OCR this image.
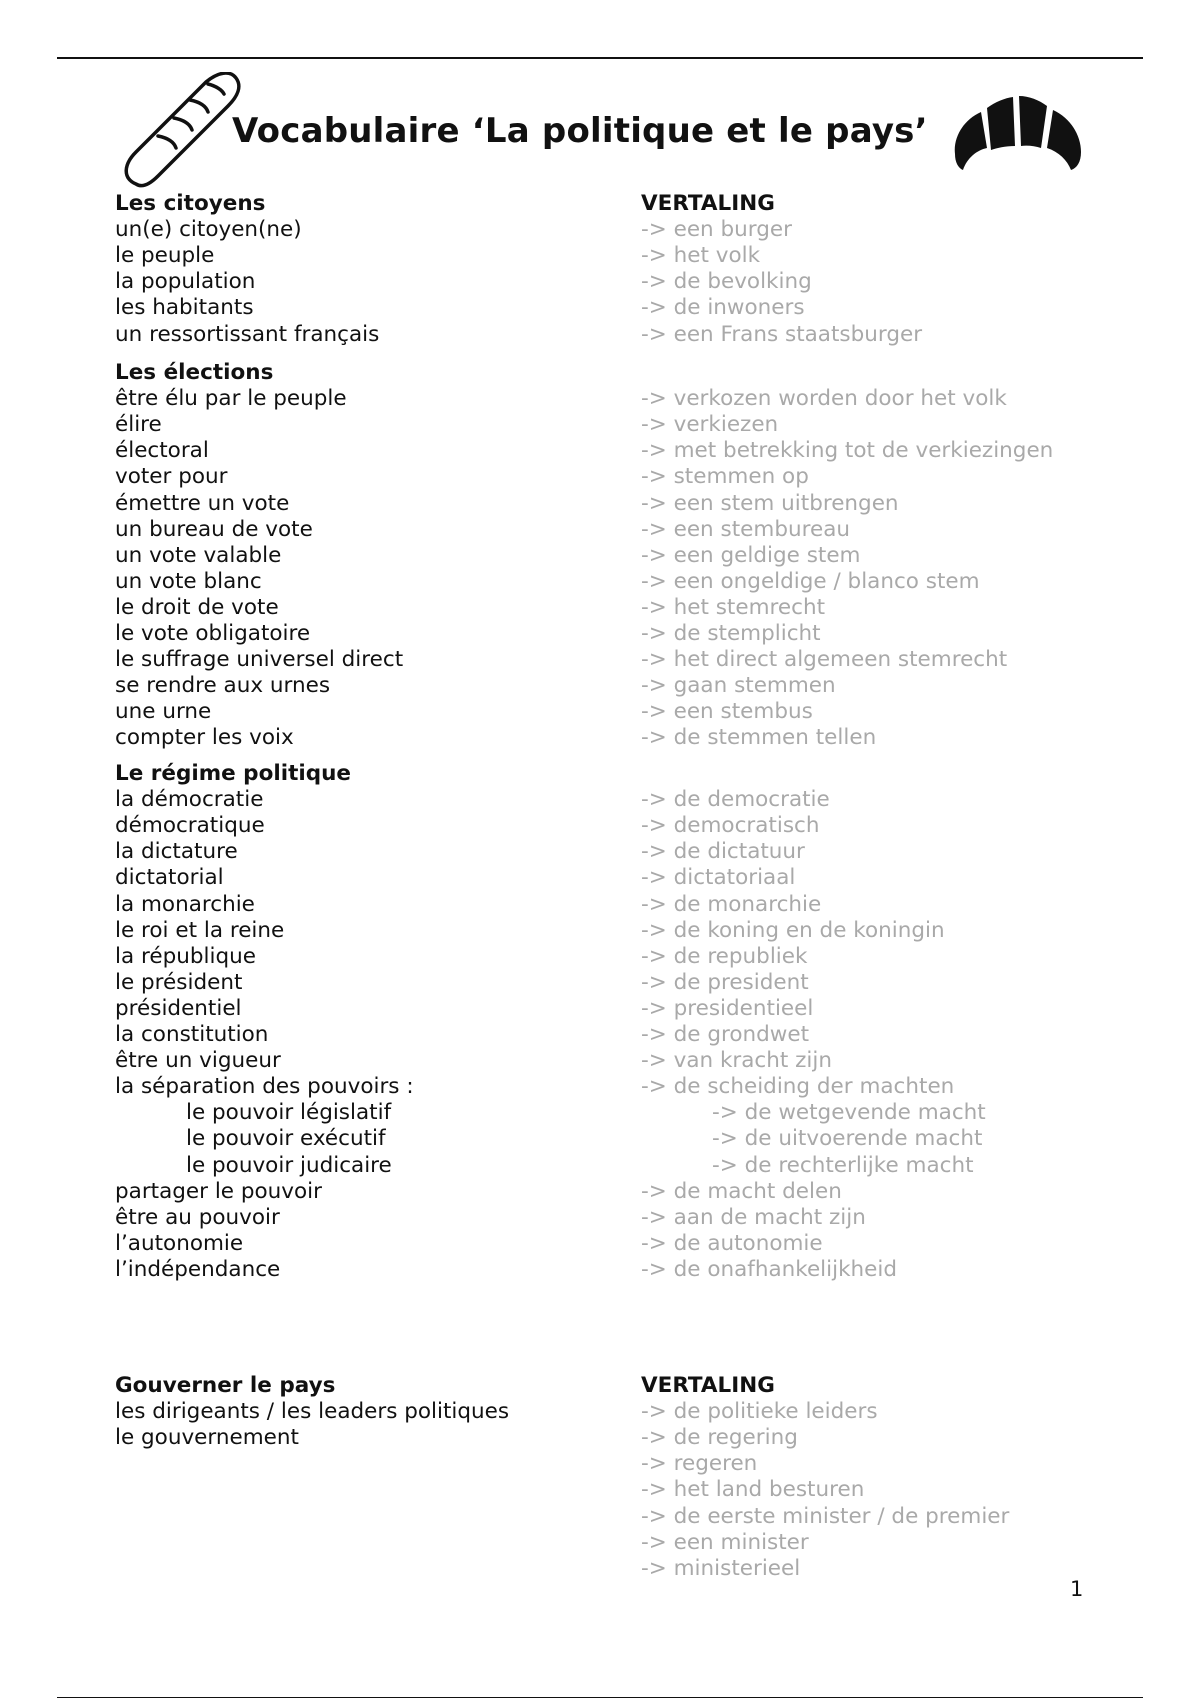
Vocabulaire ‘La politique et le pays’
Les citoyens	VERTALING
un(e) citoyen(ne)	-> een burger
le peuple	-> het volk
la population	-> de bevolking
les habitants	-> de inwoners
un ressortissant français	-> een Frans staatsburger
Les élections
être élu par le peuple	-> verkozen worden door het volk
élire	-> verkiezen
électoral	-> met betrekking tot de verkiezingen
voter pour	-> stemmen op
émettre un vote	-> een stem uitbrengen
un bureau de vote	-> een stembureau
un vote valable	-> een geldige stem
un vote blanc	-> een ongeldige / blanco stem
le droit de vote	-> het stemrecht
le vote obligatoire	-> de stemplicht
le suffrage universel direct	-> het direct algemeen stemrecht
se rendre aux urnes	-> gaan stemmen
une urne	-> een stembus
compter les voix	-> de stemmen tellen
Le régime politique
la démocratie	-> de democratie
démocratique	-> democratisch
la dictature	-> de dictatuur
dictatorial	-> dictatoriaal
la monarchie	-> de monarchie
le roi et la reine	-> de koning en de koningin
la république	-> de republiek
le président	-> de president
présidentiel	-> presidentieel
la constitution	-> de grondwet
être un vigueur	-> van kracht zijn
la séparation des pouvoirs :	-> de scheiding der machten
le pouvoir législatif	-> de wetgevende macht
le pouvoir exécutif	-> de uitvoerende macht
le pouvoir judicaire	-> de rechterlijke macht
partager le pouvoir	-> de macht delen
être au pouvoir	-> aan de macht zijn
l’autonomie	-> de autonomie
l’indépendance	-> de onafhankelijkheid
Gouverner le pays	VERTALING
les dirigeants / les leaders politiques	-> de politieke leiders
le gouvernement	-> de regering
-> regeren
-> het land besturen
-> de eerste minister / de premier
-> een minister
-> ministerieel
1
